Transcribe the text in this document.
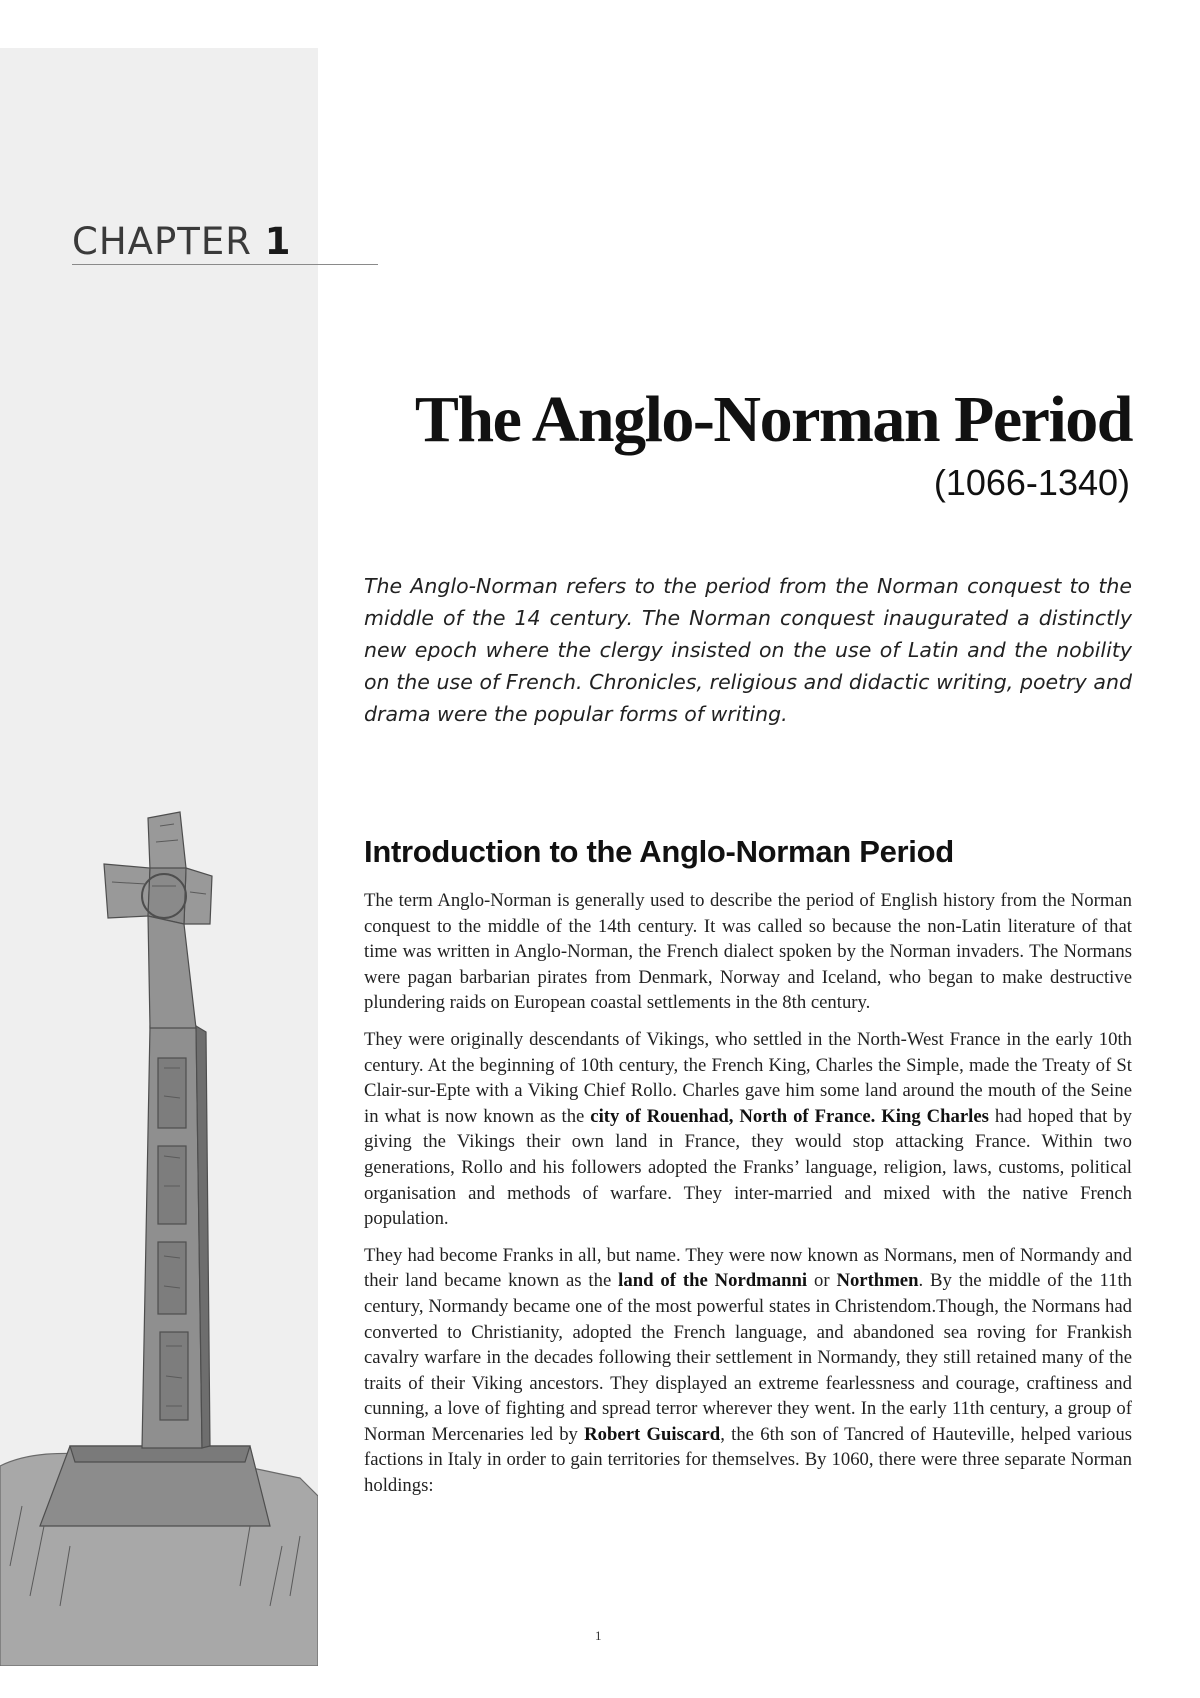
CHAPTER 1
The Anglo-Norman Period
(1066-1340)
The Anglo-Norman refers to the period from the Norman conquest to the middle of the 14 century. The Norman conquest inaugurated a distinctly new epoch where the clergy insisted on the use of Latin and the nobility on the use of French. Chronicles, religious and didactic writing, poetry and drama were the popular forms of writing.
Introduction to the Anglo-Norman Period

The term Anglo-Norman is generally used to describe the period of English history from the Norman conquest to the middle of the 14th century. It was called so because the non-Latin literature of that time was written in Anglo-Norman, the French dialect spoken by the Norman invaders. The Normans were pagan barbarian pirates from Denmark, Norway and Iceland, who began to make destructive plundering raids on European coastal settlements in the 8th century.

They were originally descendants of Vikings, who settled in the North-West France in the early 10th century. At the beginning of 10th century, the French King, Charles the Simple, made the Treaty of St Clair-sur-Epte with a Viking Chief Rollo. Charles gave him some land around the mouth of the Seine in what is now known as the city of Rouenhad, North of France. King Charles had hoped that by giving the Vikings their own land in France, they would stop attacking France. Within two generations, Rollo and his followers adopted the Franks’ language, religion, laws, customs, political organisation and methods of warfare. They inter-married and mixed with the native French population.

They had become Franks in all, but name. They were now known as Normans, men of Normandy and their land became known as the land of the Nordmanni or Northmen. By the middle of the 11th century, Normandy became one of the most powerful states in Christendom.Though, the Normans had converted to Christianity, adopted the French language, and abandoned sea roving for Frankish cavalry warfare in the decades following their settlement in Normandy, they still retained many of the traits of their Viking ancestors. They displayed an extreme fearlessness and courage, craftiness and cunning, a love of fighting and spread terror wherever they went. In the early 11th century, a group of Norman Mercenaries led by Robert Guiscard, the 6th son of Tancred of Hauteville, helped various factions in Italy in order to gain territories for themselves. By 1060, there were three separate Norman holdings:

1
